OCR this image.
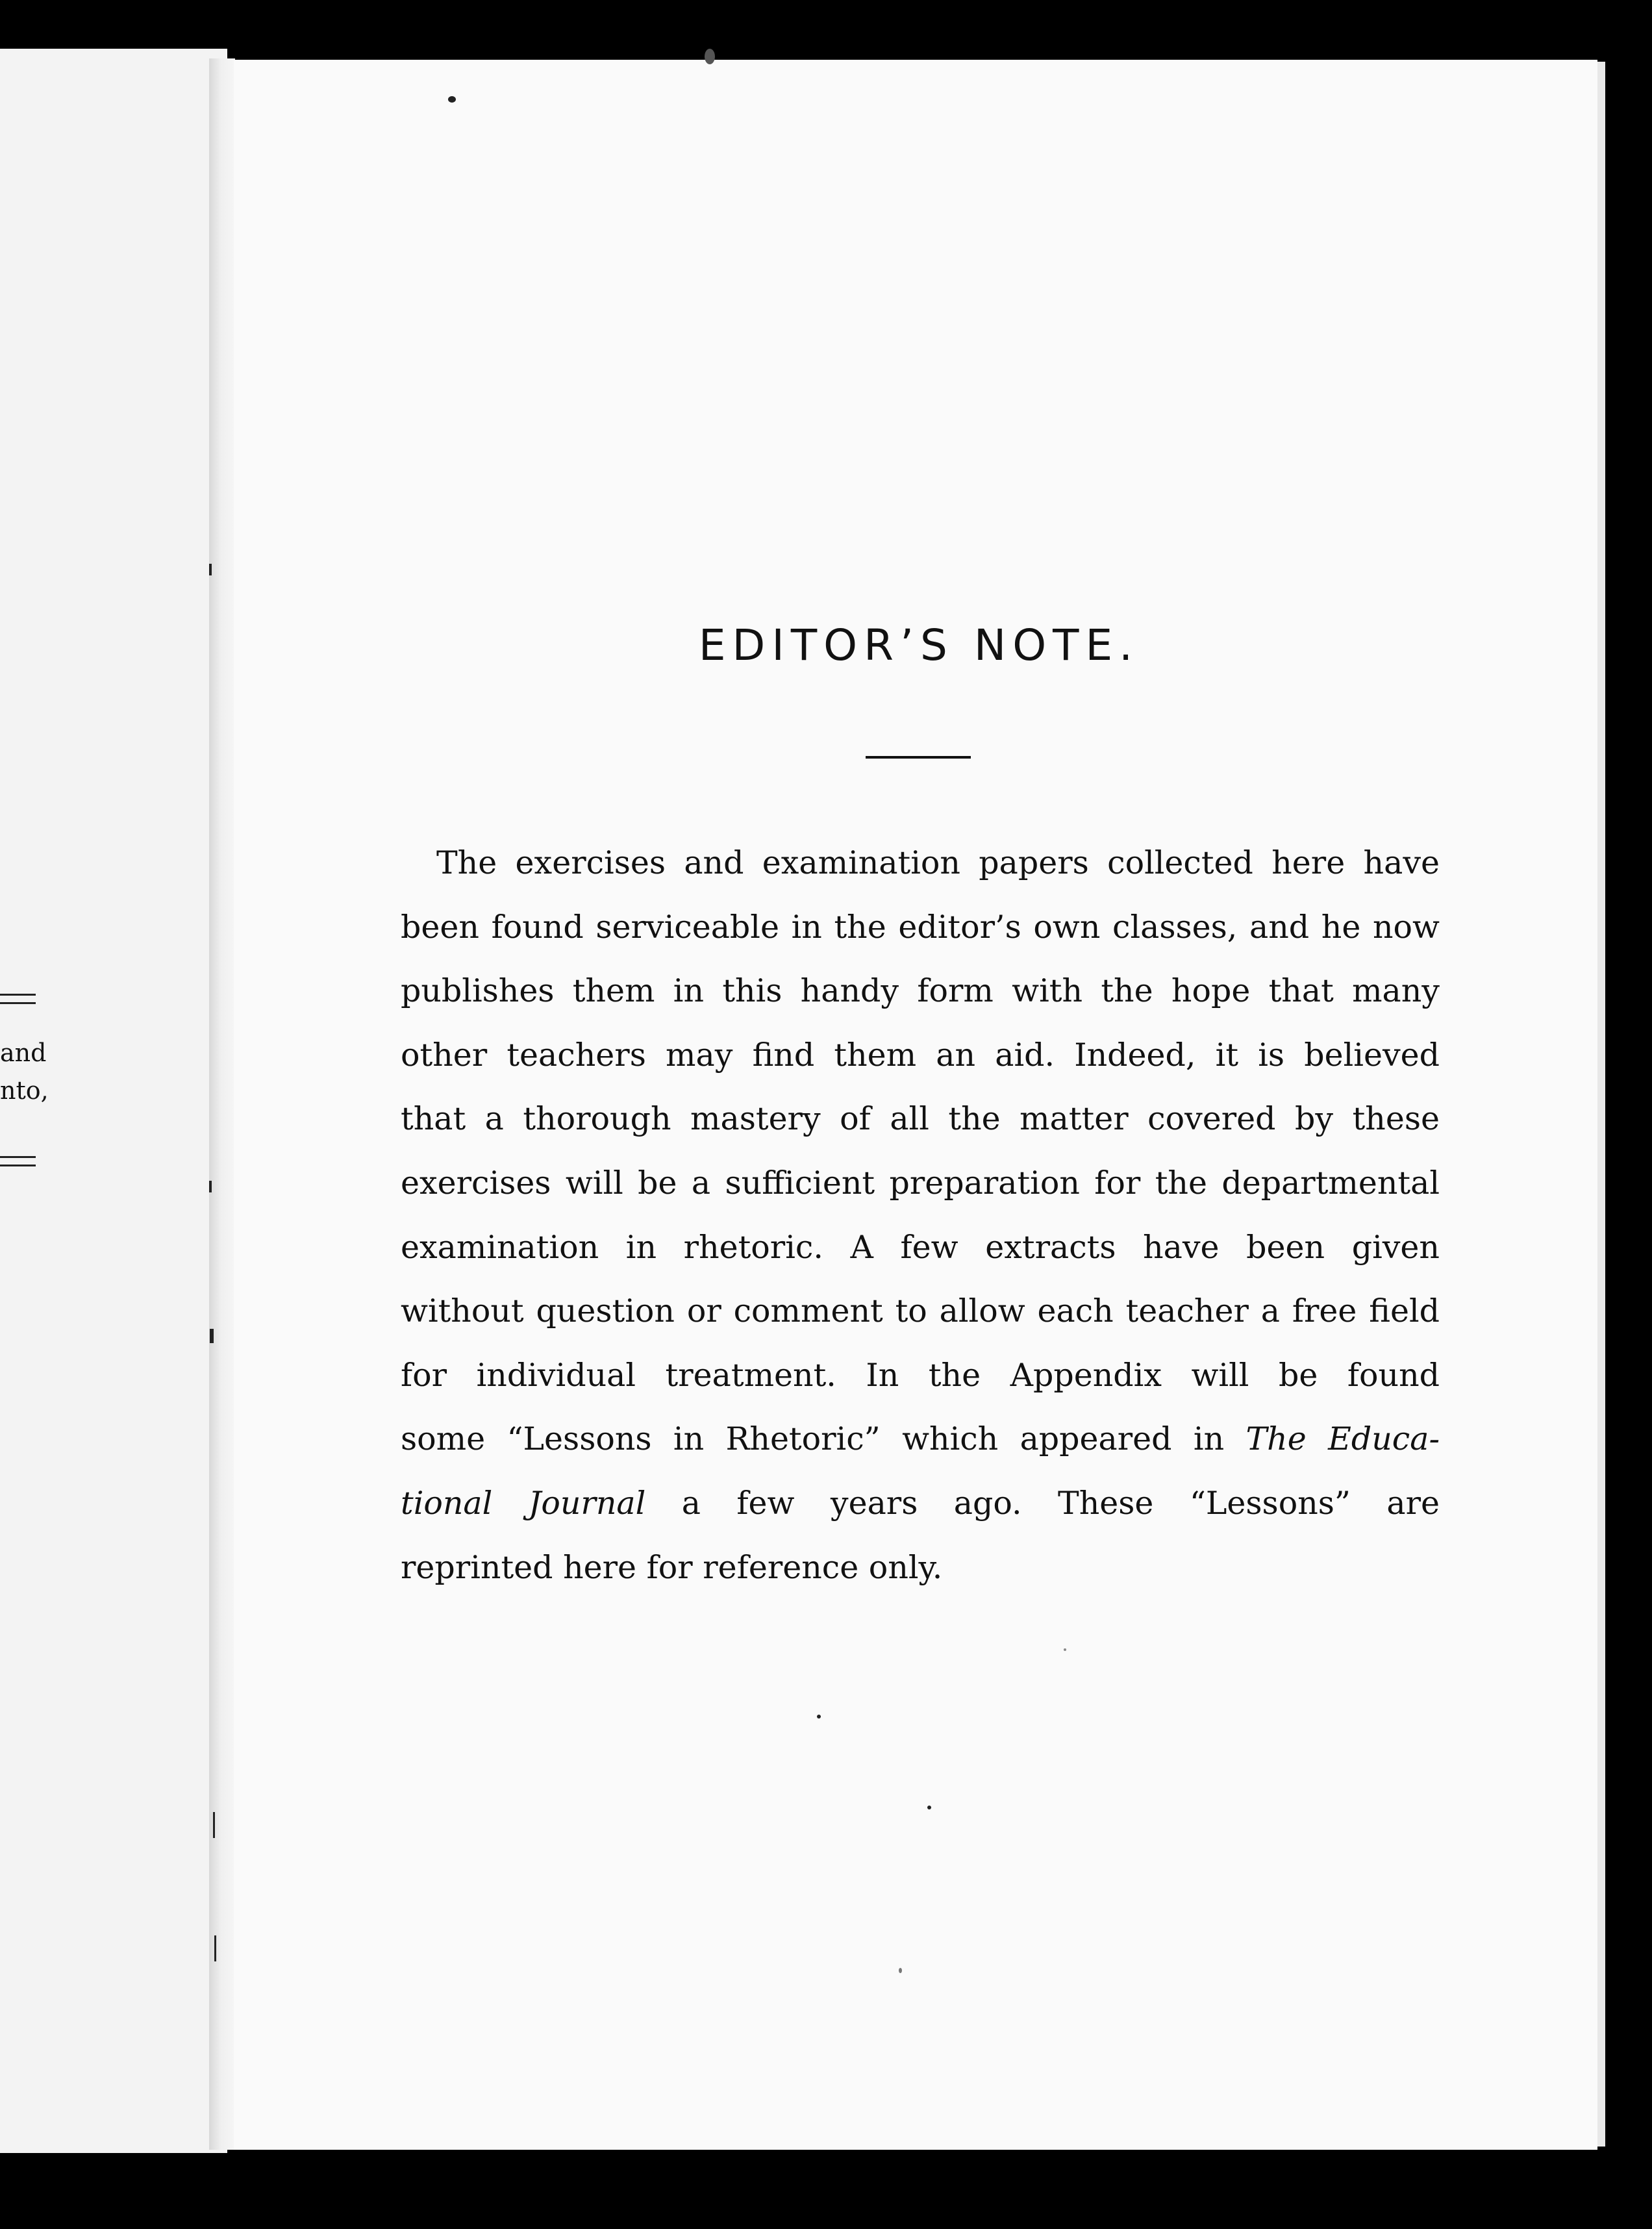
and
nto,
EDITOR’S NOTE.
The exercises and examination papers collected here have
been found serviceable in the editor’s own classes, and he now
publishes them in this handy form with the hope that many
other teachers may find them an aid. Indeed, it is believed
that a thorough mastery of all the matter covered by these
exercises will be a sufficient preparation for the departmental
examination in rhetoric. A few extracts have been given
without question or comment to allow each teacher a free field
for individual treatment. In the Appendix will be found
some “Lessons in Rhetoric” which appeared in The Educa-
tional Journal a few years ago. These “Lessons” are
reprinted here for reference only.
